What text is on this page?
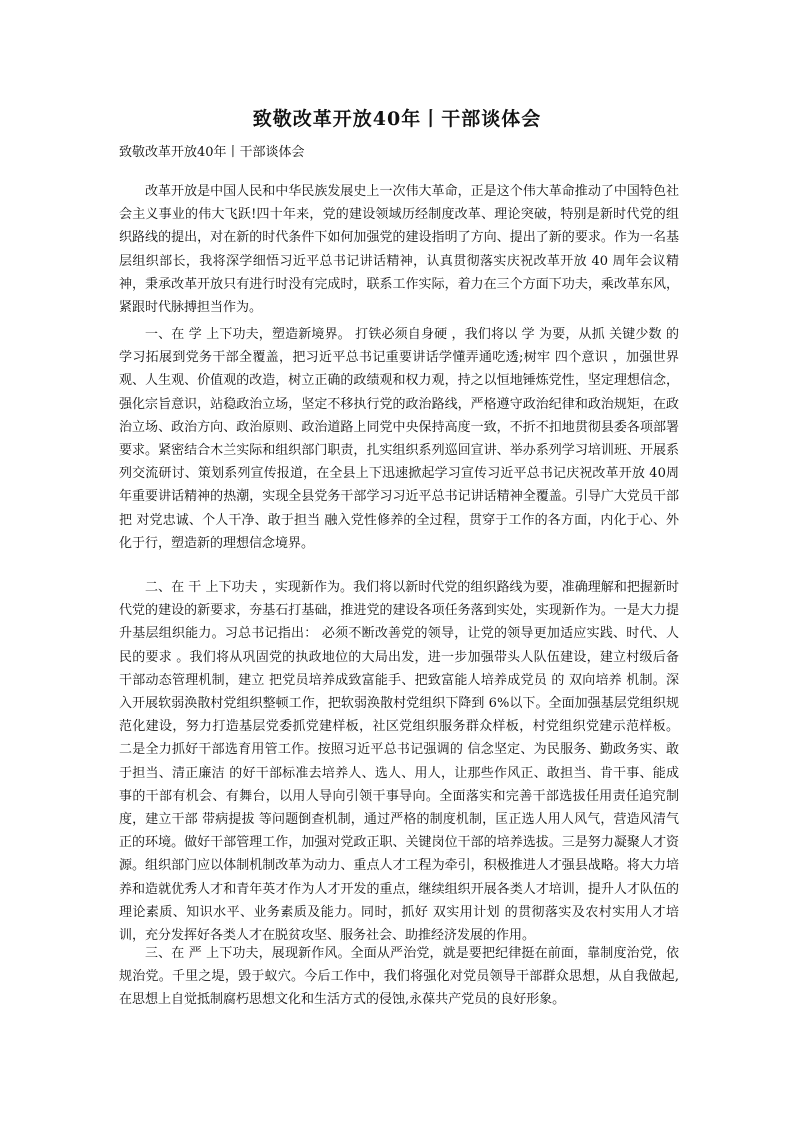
致敬改革开放40年丨干部谈体会
致敬改革开放40年丨干部谈体会

改革开放是中国人民和中华民族发展史上一次伟大革命，正是这个伟大革命推动了中国特色社会主义事业的伟大飞跃!四十年来，党的建设领域历经制度改革、理论突破，特别是新时代党的组织路线的提出，对在新的时代条件下如何加强党的建设指明了方向、提出了新的要求。作为一名基层组织部长，我将深学细悟习近平总书记讲话精神，认真贯彻落实庆祝改革开放 40 周年会议精神，秉承改革开放只有进行时没有完成时，联系工作实际，着力在三个方面下功夫，乘改革东风，紧跟时代脉搏担当作为。

一、在 学 上下功夫，塑造新境界。 打铁必须自身硬 ，我们将以 学 为要，从抓 关键少数 的学习拓展到党务干部全覆盖，把习近平总书记重要讲话学懂弄通吃透;树牢 四个意识 ，加强世界观、人生观、价值观的改造，树立正确的政绩观和权力观，持之以恒地锤炼党性，坚定理想信念，强化宗旨意识，站稳政治立场，坚定不移执行党的政治路线，严格遵守政治纪律和政治规矩，在政治立场、政治方向、政治原则、政治道路上同党中央保持高度一致，不折不扣地贯彻县委各项部署要求。紧密结合木兰实际和组织部门职责，扎实组织系列巡回宣讲、举办系列学习培训班、开展系列交流研讨、策划系列宣传报道，在全县上下迅速掀起学习宣传习近平总书记庆祝改革开放 40周年重要讲话精神的热潮，实现全县党务干部学习习近平总书记讲话精神全覆盖。引导广大党员干部把 对党忠诚、个人干净、敢于担当 融入党性修养的全过程，贯穿于工作的各方面，内化于心、外化于行，塑造新的理想信念境界。

二、在 干 上下功夫 ，实现新作为。我们将以新时代党的组织路线为要，准确理解和把握新时代党的建设的新要求，夯基石打基础，推进党的建设各项任务落到实处，实现新作为。一是大力提升基层组织能力。习总书记指出： 必须不断改善党的领导，让党的领导更加适应实践、时代、人民的要求 。我们将从巩固党的执政地位的大局出发，进一步加强带头人队伍建设，建立村级后备干部动态管理机制，建立 把党员培养成致富能手、把致富能人培养成党员 的 双向培养 机制。深入开展软弱涣散村党组织整顿工作，把软弱涣散村党组织下降到 6%以下。全面加强基层党组织规范化建设，努力打造基层党委抓党建样板，社区党组织服务群众样板，村党组织党建示范样板。 二是全力抓好干部选育用管工作。按照习近平总书记强调的 信念坚定、为民服务、勤政务实、敢于担当、清正廉洁 的好干部标准去培养人、选人、用人，让那些作风正、敢担当、肯干事、能成事的干部有机会、有舞台，以用人导向引领干事导向。全面落实和完善干部选拔任用责任追究制度，建立干部 带病提拔 等问题倒查机制，通过严格的制度机制，匡正选人用人风气，营造风清气正的环境。做好干部管理工作，加强对党政正职、关键岗位干部的培养选拔。三是努力凝聚人才资源。组织部门应以体制机制改革为动力、重点人才工程为牵引，积极推进人才强县战略。将大力培养和造就优秀人才和青年英才作为人才开发的重点，继续组织开展各类人才培训，提升人才队伍的理论素质、知识水平、业务素质及能力。同时，抓好 双实用计划 的贯彻落实及农村实用人才培训，充分发挥好各类人才在脱贫攻坚、服务社会、助推经济发展的作用。

三、在 严 上下功夫，展现新作风。全面从严治党，就是要把纪律挺在前面，靠制度治党，依规治党。千里之堤，毁于蚁穴。今后工作中，我们将强化对党员领导干部群众思想，从自我做起,在思想上自觉抵制腐朽思想文化和生活方式的侵蚀,永葆共产党员的良好形象。
